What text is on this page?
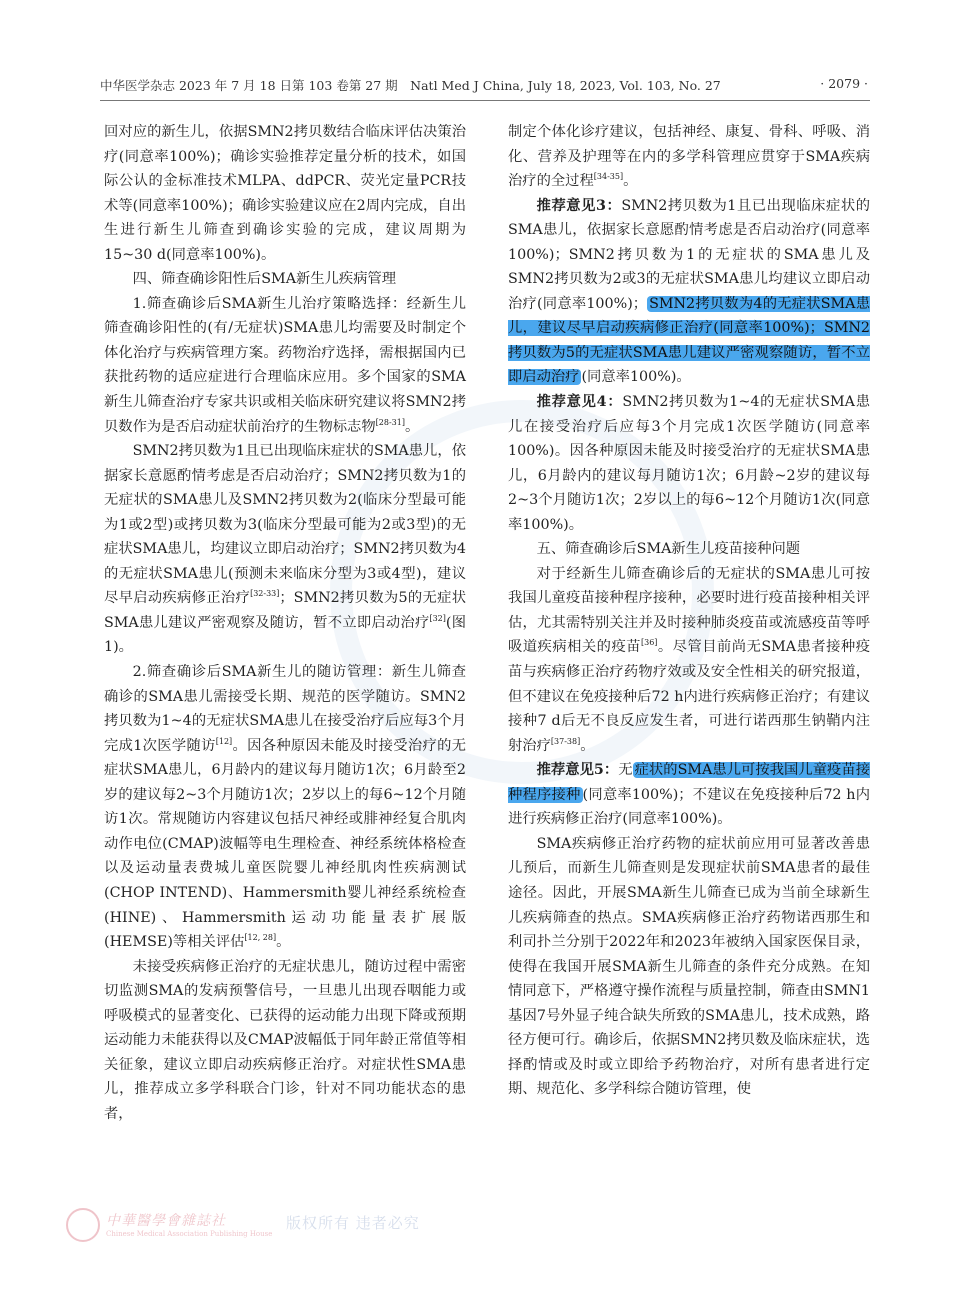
中华医学杂志 2023 年 7 月 18 日第 103 卷第 27 期　Natl Med J China, July 18, 2023, Vol. 103, No. 27	· 2079 ·

回对应的新生儿，依据SMN2拷贝数结合临床评估决策治疗(同意率100%)；确诊实验推荐定量分析的技术，如国际公认的金标准技术MLPA、ddPCR、荧光定量PCR技术等(同意率100%)；确诊实验建议应在2周内完成，自出生进行新生儿筛查到确诊实验的完成，建议周期为15~30 d(同意率100%)。

四、筛查确诊阳性后SMA新生儿疾病管理

1.筛查确诊后SMA新生儿治疗策略选择：经新生儿筛查确诊阳性的(有/无症状)SMA患儿均需要及时制定个体化治疗与疾病管理方案。药物治疗选择，需根据国内已获批药物的适应症进行合理临床应用。多个国家的SMA新生儿筛查治疗专家共识或相关临床研究建议将SMN2拷贝数作为是否启动症状前治疗的生物标志物[28-31]。

SMN2拷贝数为1且已出现临床症状的SMA患儿，依据家长意愿酌情考虑是否启动治疗；SMN2拷贝数为1的无症状的SMA患儿及SMN2拷贝数为2(临床分型最可能为1或2型)或拷贝数为3(临床分型最可能为2或3型)的无症状SMA患儿，均建议立即启动治疗；SMN2拷贝数为4的无症状SMA患儿(预测未来临床分型为3或4型)，建议尽早启动疾病修正治疗[32-33]；SMN2拷贝数为5的无症状SMA患儿建议严密观察及随访，暂不立即启动治疗[32](图1)。

2.筛查确诊后SMA新生儿的随访管理：新生儿筛查确诊的SMA患儿需接受长期、规范的医学随访。SMN2拷贝数为1~4的无症状SMA患儿在接受治疗后应每3个月完成1次医学随访[12]。因各种原因未能及时接受治疗的无症状SMA患儿，6月龄内的建议每月随访1次；6月龄至2岁的建议每2~3个月随访1次；2岁以上的每6~12个月随访1次。常规随访内容建议包括尺神经或腓神经复合肌肉动作电位(CMAP)波幅等电生理检查、神经系统体格检查以及运动量表费城儿童医院婴儿神经肌肉性疾病测试(CHOP INTEND)、Hammersmith婴儿神经系统检查(HINE)、Hammersmith运动功能量表扩展版(HEMSE)等相关评估[12, 28]。

未接受疾病修正治疗的无症状患儿，随访过程中需密切监测SMA的发病预警信号，一旦患儿出现吞咽能力或呼吸模式的显著变化、已获得的运动能力出现下降或预期运动能力未能获得以及CMAP波幅低于同年龄正常值等相关征象，建议立即启动疾病修正治疗。对症状性SMA患儿，推荐成立多学科联合门诊，针对不同功能状态的患者，

制定个体化诊疗建议，包括神经、康复、骨科、呼吸、消化、营养及护理等在内的多学科管理应贯穿于SMA疾病治疗的全过程[34-35]。

推荐意见3：SMN2拷贝数为1且已出现临床症状的SMA患儿，依据家长意愿酌情考虑是否启动治疗(同意率100%)；SMN2拷贝数为1的无症状的SMA患儿及SMN2拷贝数为2或3的无症状SMA患儿均建议立即启动治疗(同意率100%)； SMN2拷贝数为4的无症状SMA患儿，建议尽早启动疾病修正治疗(同意率100%)；SMN2拷贝数为5的无症状SMA患儿建议严密观察随访，暂不立即启动治疗 (同意率100%)。

推荐意见4：SMN2拷贝数为1~4的无症状SMA患儿在接受治疗后应每3个月完成1次医学随访(同意率100%)。因各种原因未能及时接受治疗的无症状SMA患儿，6月龄内的建议每月随访1次；6月龄~2岁的建议每2~3个月随访1次；2岁以上的每6~12个月随访1次(同意率100%)。

五、筛查确诊后SMA新生儿疫苗接种问题

对于经新生儿筛查确诊后的无症状的SMA患儿可按我国儿童疫苗接种程序接种，必要时进行疫苗接种相关评估，尤其需特别关注并及时接种肺炎疫苗或流感疫苗等呼吸道疾病相关的疫苗[36]。尽管目前尚无SMA患者接种疫苗与疾病修正治疗药物疗效或及安全性相关的研究报道，但不建议在免疫接种后72 h内进行疾病修正治疗；有建议接种7 d后无不良反应发生者，可进行诺西那生钠鞘内注射治疗[37-38]。

推荐意见5：无 症状的SMA患儿可按我国儿童疫苗接种程序接种 (同意率100%)；不建议在免疫接种后72 h内进行疾病修正治疗(同意率100%)。

SMA疾病修正治疗药物的症状前应用可显著改善患儿预后，而新生儿筛查则是发现症状前SMA患者的最佳途径。因此，开展SMA新生儿筛查已成为当前全球新生儿疾病筛查的热点。SMA疾病修正治疗药物诺西那生和利司扑兰分别于2022年和2023年被纳入国家医保目录，使得在我国开展SMA新生儿筛查的条件充分成熟。在知情同意下，严格遵守操作流程与质量控制，筛查由SMN1基因7号外显子纯合缺失所致的SMA患儿，技术成熟，路径方便可行。确诊后，依据SMN2拷贝数及临床症状，选择酌情或及时或立即给予药物治疗，对所有患者进行定期、规范化、多学科综合随访管理，使

中華醫學會雜誌社
Chinese Medical Association Publishing House
版权所有 违者必究
